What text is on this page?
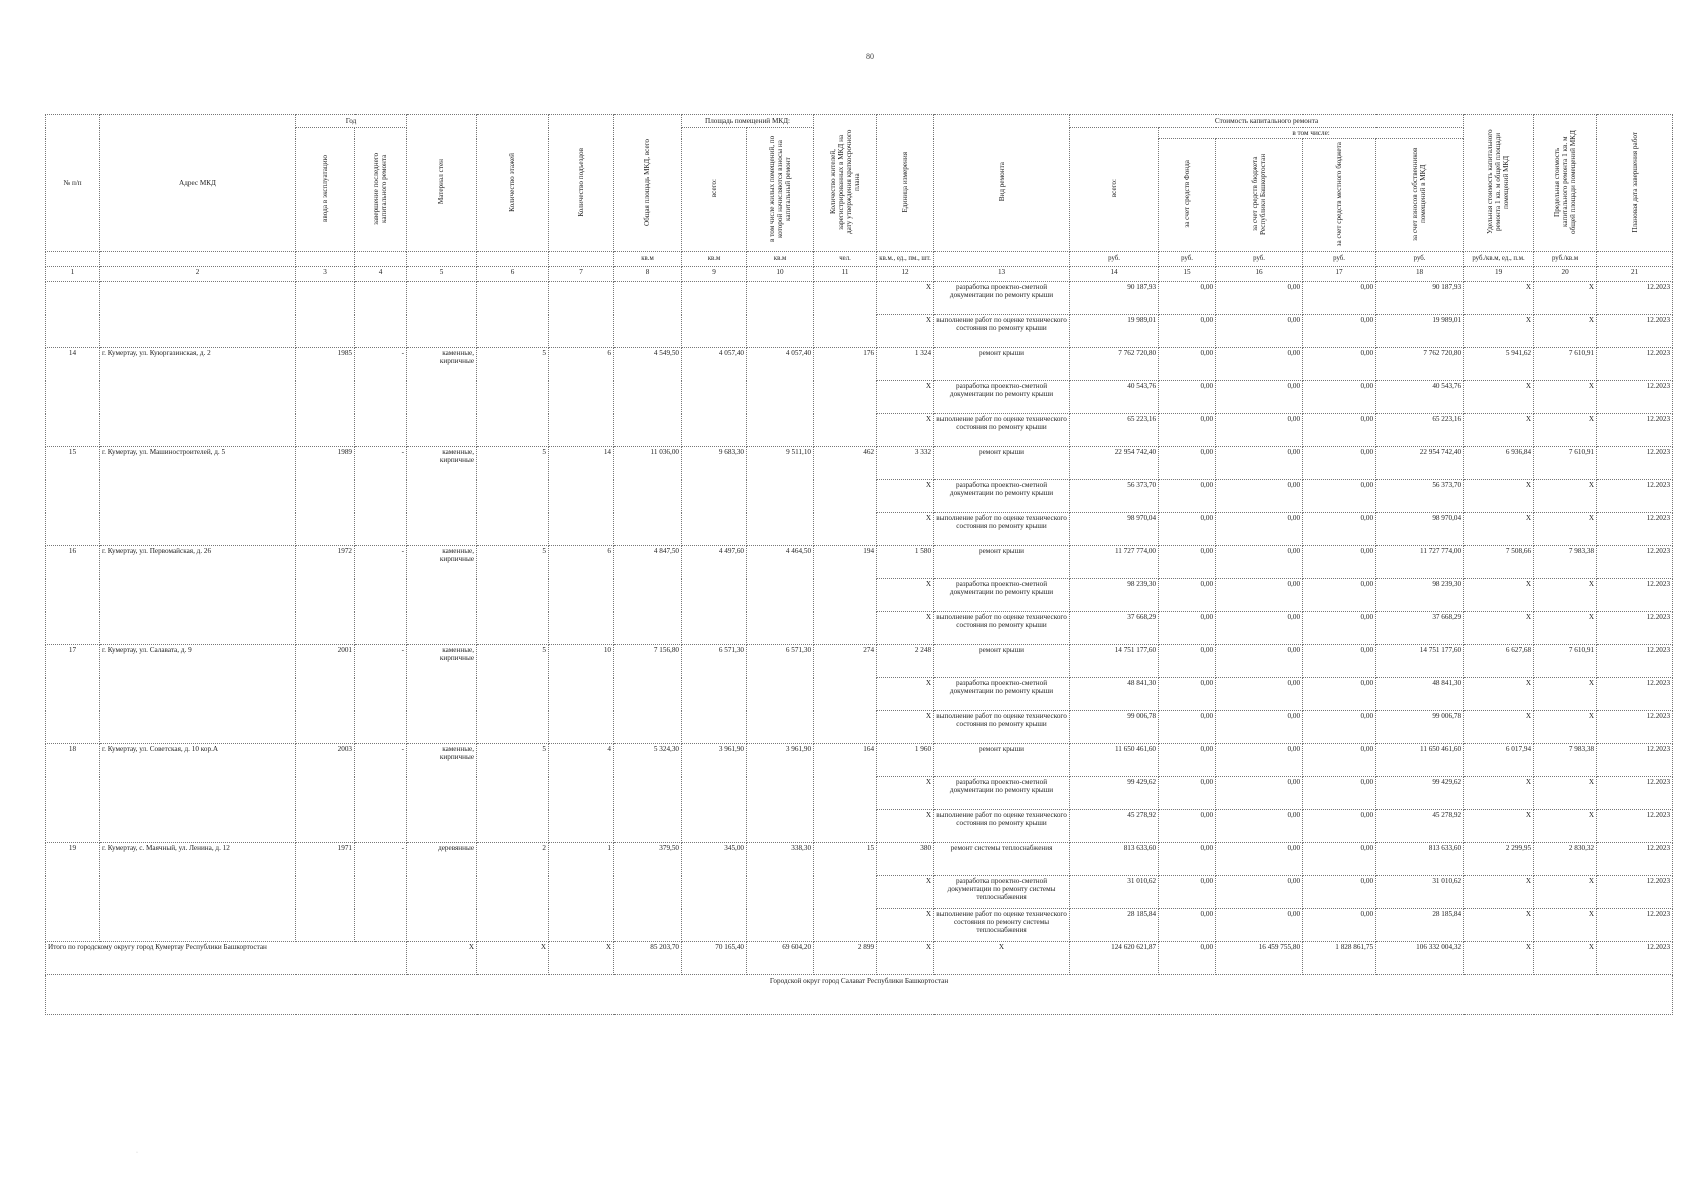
80
№ п/п	Адрес МКД	Год		Материал стен	Количество этажей	Количество подъездов	Общая площадь МКД, всего	Площадь помещений МКД:		Количество жителей, зарегистрированных в МКД на дату утверждения краткосрочного плана	Единица измерения	Вид ремонта	Стоимость капитального ремонта					Удельная стоимость капитального ремонта 1 кв. м общей площади помещений МКД	Предельная стоимость капитального ремонта 1 кв. м общей площади помещений МКД	Плановая дата завершения работ
		ввода в эксплуатацию	завершение последнего капитального ремонта					всего:	в том числе жилых помещений, по которой начисляются взносы на капитальный ремонт				всего:	в том числе:						
														за счет средств Фонда	за счет средств бюджета Республики Башкортостан	за счет средств местного бюджета	за счет взносов собственников помещений в МКД			
							кв.м	кв.м	кв.м	чел.	кв.м., ед., пм., шт.		руб.	руб.	руб.	руб.	руб.	руб./кв.м, ед., п.м.	руб./кв.м	
1	2	3	4	5	6	7	8	9	10	11	12	13	14	15	16	17	18	19	20	21
											X	разработка проектно-сметной документации по ремонту крыши	90 187,93	0,00	0,00	0,00	90 187,93	X	X	12.2023
											X	выполнение работ по оценке технического состояния по ремонту крыши	19 989,01	0,00	0,00	0,00	19 989,01	X	X	12.2023
14	г. Кумертау, ул. Куюргазинская, д. 2	1985	-	каменные, кирпичные	5	6	4 549,50	4 057,40	4 057,40	176	1 324	ремонт крыши	7 762 720,80	0,00	0,00	0,00	7 762 720,80	5 941,62	7 610,91	12.2023
											X	разработка проектно-сметной документации по ремонту крыши	40 543,76	0,00	0,00	0,00	40 543,76	X	X	12.2023
											X	выполнение работ по оценке технического состояния по ремонту крыши	65 223,16	0,00	0,00	0,00	65 223,16	X	X	12.2023
15	г. Кумертау, ул. Машиностроителей, д. 5	1989	-	каменные, кирпичные	5	14	11 036,00	9 683,30	9 511,10	462	3 332	ремонт крыши	22 954 742,40	0,00	0,00	0,00	22 954 742,40	6 936,84	7 610,91	12.2023
											X	разработка проектно-сметной документации по ремонту крыши	56 373,70	0,00	0,00	0,00	56 373,70	X	X	12.2023
											X	выполнение работ по оценке технического состояния по ремонту крыши	98 970,04	0,00	0,00	0,00	98 970,04	X	X	12.2023
16	г. Кумертау, ул. Первомайская, д. 26	1972	-	каменные, кирпичные	5	6	4 847,50	4 497,60	4 464,50	194	1 580	ремонт крыши	11 727 774,00	0,00	0,00	0,00	11 727 774,00	7 508,66	7 983,38	12.2023
											X	разработка проектно-сметной документации по ремонту крыши	98 239,30	0,00	0,00	0,00	98 239,30	X	X	12.2023
											X	выполнение работ по оценке технического состояния по ремонту крыши	37 668,29	0,00	0,00	0,00	37 668,29	X	X	12.2023
17	г. Кумертау, ул. Салавата, д. 9	2001	-	каменные, кирпичные	5	10	7 156,80	6 571,30	6 571,30	274	2 248	ремонт крыши	14 751 177,60	0,00	0,00	0,00	14 751 177,60	6 627,68	7 610,91	12.2023
											X	разработка проектно-сметной документации по ремонту крыши	48 841,30	0,00	0,00	0,00	48 841,30	X	X	12.2023
											X	выполнение работ по оценке технического состояния по ремонту крыши	99 006,78	0,00	0,00	0,00	99 006,78	X	X	12.2023
18	г. Кумертау, ул. Советская, д. 10 кор.А	2003	-	каменные, кирпичные	5	4	5 324,30	3 961,90	3 961,90	164	1 960	ремонт крыши	11 650 461,60	0,00	0,00	0,00	11 650 461,60	6 017,94	7 983,38	12.2023
											X	разработка проектно-сметной документации по ремонту крыши	99 429,62	0,00	0,00	0,00	99 429,62	X	X	12.2023
											X	выполнение работ по оценке технического состояния по ремонту крыши	45 278,92	0,00	0,00	0,00	45 278,92	X	X	12.2023
19	г. Кумертау, с. Маячный, ул. Ленина, д. 12	1971	-	деревянные	2	1	379,50	345,00	338,30	15	380	ремонт системы теплоснабжения	813 633,60	0,00	0,00	0,00	813 633,60	2 299,95	2 830,32	12.2023
											X	разработка проектно-сметной документации по ремонту системы теплоснабжения	31 010,62	0,00	0,00	0,00	31 010,62	X	X	12.2023
											X	выполнение работ по оценке технического состояния по ремонту системы теплоснабжения	28 185,84	0,00	0,00	0,00	28 185,84	X	X	12.2023
Итого по городскому округу город Кумертау Республики Башкортостан				X	X	X	85 203,70	70 165,40	69 604,20	2 899	X	X	124 620 621,87	0,00	16 459 755,80	1 828 861,75	106 332 004,32	X	X	12.2023
Городской округ город Салават Республики Башкортостан																				
·
